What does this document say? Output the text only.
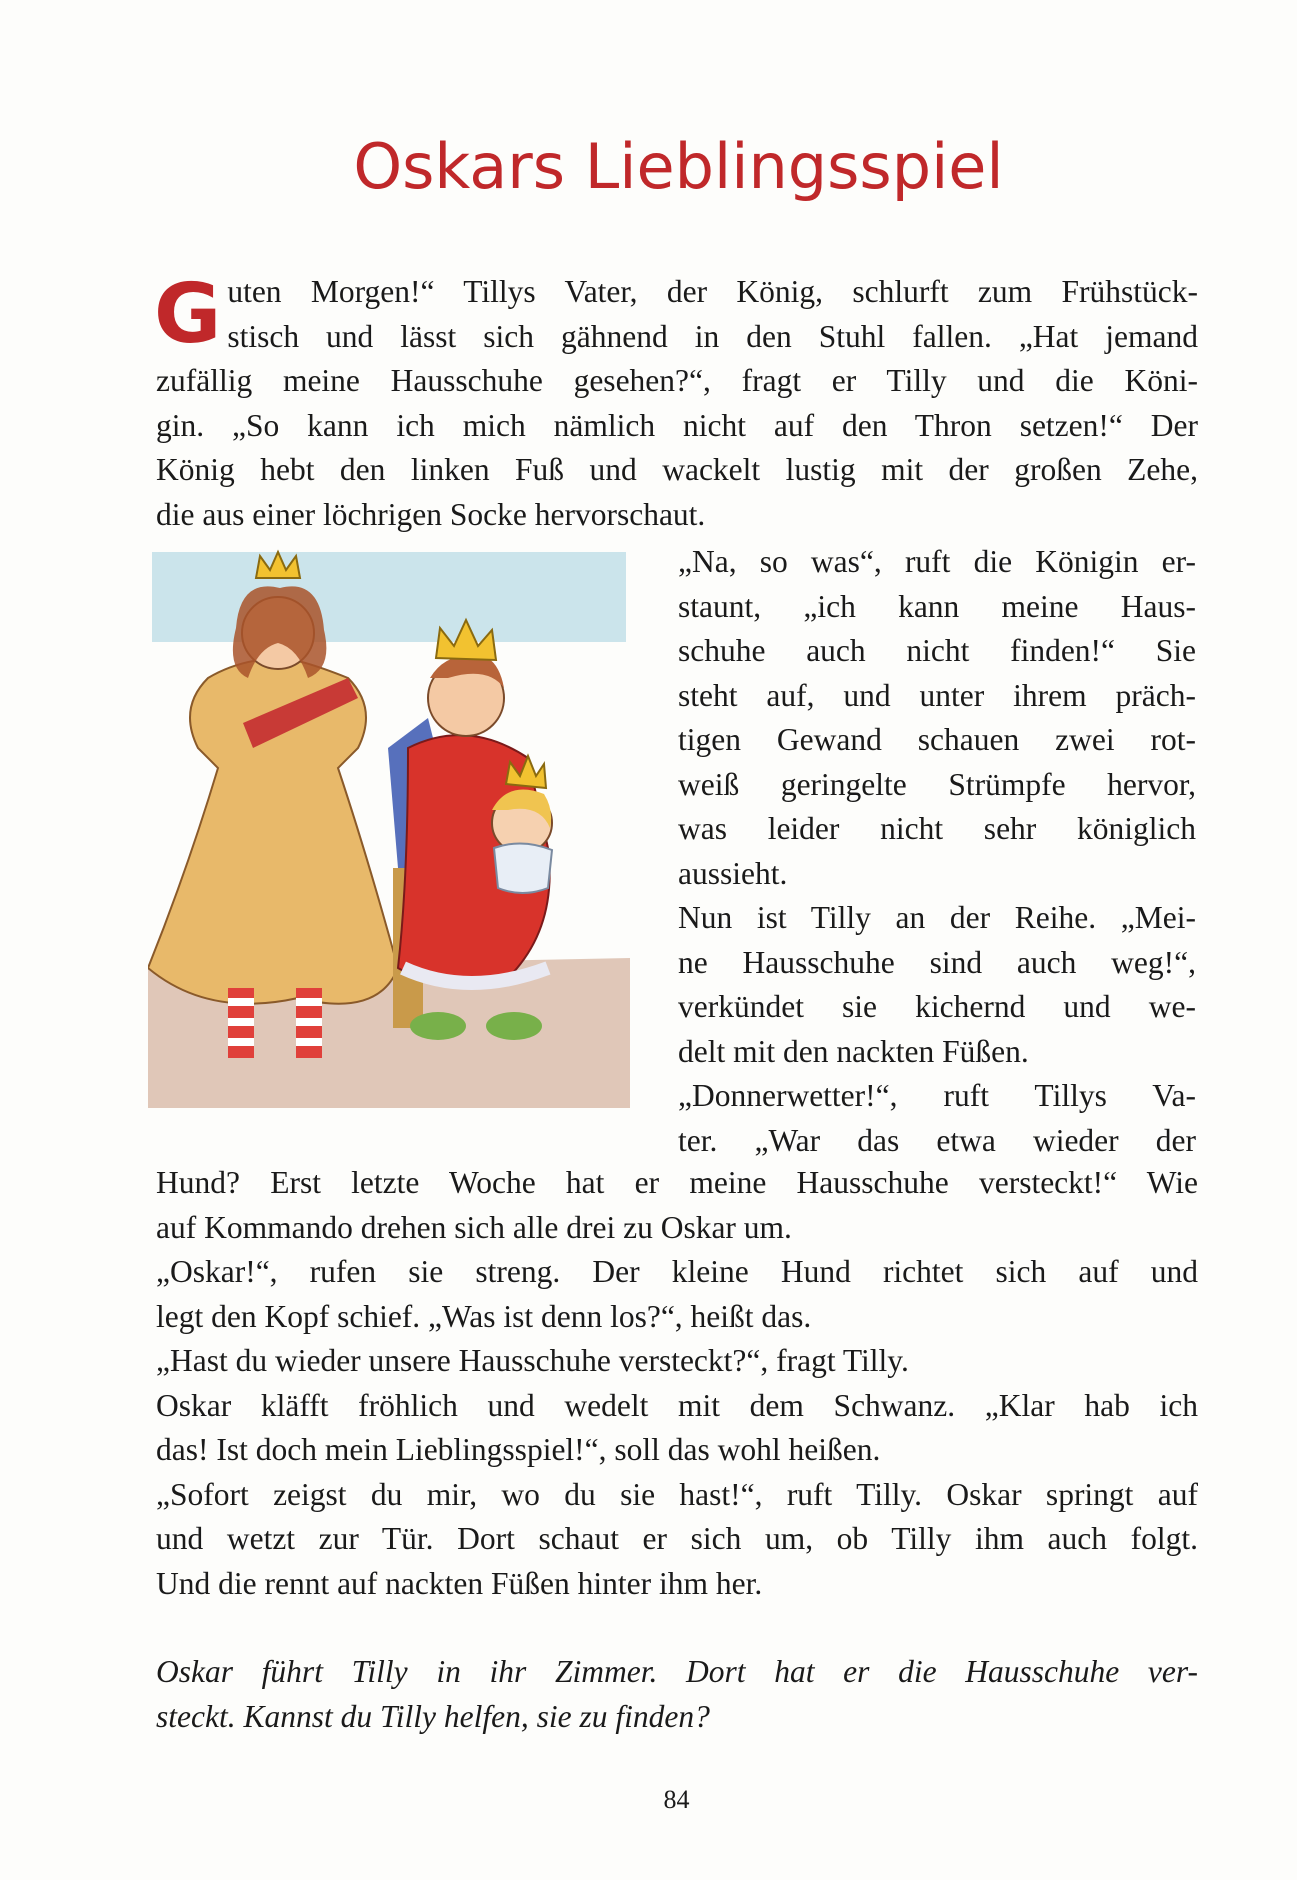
Oskars Lieblingsspiel
G uten Morgen!“ Tillys Vater, der König, schlurft zum Frühstück-
stisch und lässt sich gähnend in den Stuhl fallen. „Hat jemand
zufällig meine Hausschuhe gesehen?“, fragt er Tilly und die Köni-
gin. „So kann ich mich nämlich nicht auf den Thron setzen!“ Der
König hebt den linken Fuß und wackelt lustig mit der großen Zehe,
die aus einer löchrigen Socke hervorschaut.
„Na, so was“, ruft die Königin er-
staunt, „ich kann meine Haus-
schuhe auch nicht finden!“ Sie
steht auf, und unter ihrem präch-
tigen Gewand schauen zwei rot-
weiß geringelte Strümpfe hervor,
was leider nicht sehr königlich
aussieht.
Nun ist Tilly an der Reihe. „Mei-
ne Hausschuhe sind auch weg!“,
verkündet sie kichernd und we-
delt mit den nackten Füßen.
„Donnerwetter!“, ruft Tillys Va-
ter. „War das etwa wieder der
Hund? Erst letzte Woche hat er meine Hausschuhe versteckt!“ Wie
auf Kommando drehen sich alle drei zu Oskar um.
„Oskar!“, rufen sie streng. Der kleine Hund richtet sich auf und
legt den Kopf schief. „Was ist denn los?“, heißt das.
„Hast du wieder unsere Hausschuhe versteckt?“, fragt Tilly.
Oskar kläfft fröhlich und wedelt mit dem Schwanz. „Klar hab ich
das! Ist doch mein Lieblingsspiel!“, soll das wohl heißen.
„Sofort zeigst du mir, wo du sie hast!“, ruft Tilly. Oskar springt auf
und wetzt zur Tür. Dort schaut er sich um, ob Tilly ihm auch folgt.
Und die rennt auf nackten Füßen hinter ihm her.
Oskar führt Tilly in ihr Zimmer. Dort hat er die Hausschuhe ver-
steckt. Kannst du Tilly helfen, sie zu finden?
84
